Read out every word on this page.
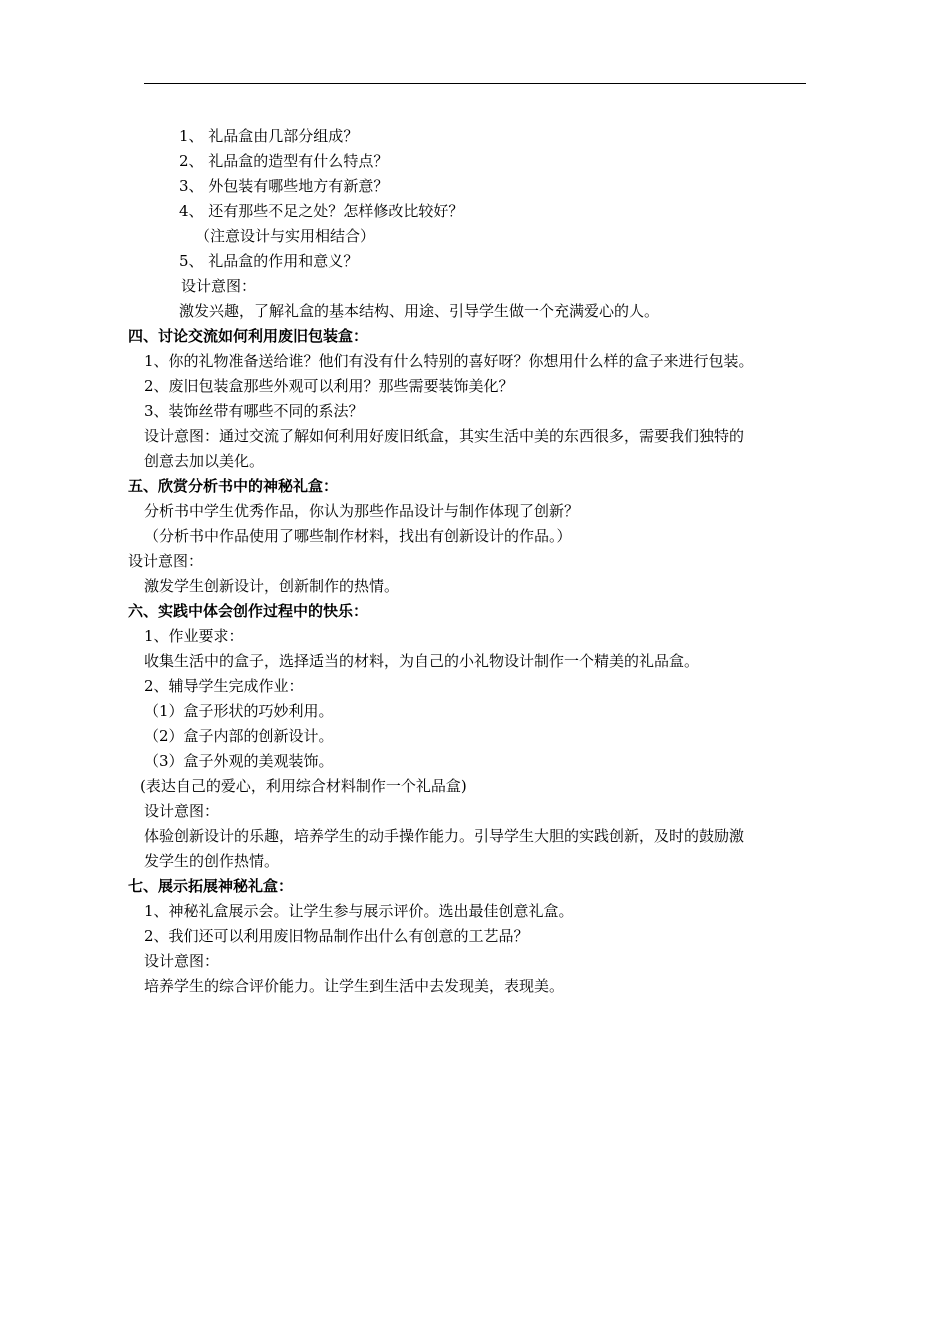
1、 礼品盒由几部分组成？
2、 礼品盒的造型有什么特点？
3、 外包装有哪些地方有新意？
4、 还有那些不足之处？怎样修改比较好？
（注意设计与实用相结合）
5、 礼品盒的作用和意义？
设计意图：
激发兴趣，了解礼盒的基本结构、用途、引导学生做一个充满爱心的人。
四、讨论交流如何利用废旧包装盒：
1、你的礼物准备送给谁？他们有没有什么特别的喜好呀？你想用什么样的盒子来进行包装。
2、废旧包装盒那些外观可以利用？那些需要装饰美化？
3、装饰丝带有哪些不同的系法？
设计意图：通过交流了解如何利用好废旧纸盒，其实生活中美的东西很多，需要我们独特的
创意去加以美化。
五、欣赏分析书中的神秘礼盒：
分析书中学生优秀作品，你认为那些作品设计与制作体现了创新？
（分析书中作品使用了哪些制作材料，找出有创新设计的作品。）
设计意图：
激发学生创新设计，创新制作的热情。
六、实践中体会创作过程中的快乐：
1、作业要求：
收集生活中的盒子，选择适当的材料，为自己的小礼物设计制作一个精美的礼品盒。
2、辅导学生完成作业：
（1）盒子形状的巧妙利用。
（2）盒子内部的创新设计。
（3）盒子外观的美观装饰。
(表达自己的爱心，利用综合材料制作一个礼品盒)
设计意图：
体验创新设计的乐趣，培养学生的动手操作能力。引导学生大胆的实践创新，及时的鼓励激
发学生的创作热情。
七、展示拓展神秘礼盒：
1、神秘礼盒展示会。让学生参与展示评价。选出最佳创意礼盒。
2、我们还可以利用废旧物品制作出什么有创意的工艺品？
设计意图：
培养学生的综合评价能力。让学生到生活中去发现美，表现美。
